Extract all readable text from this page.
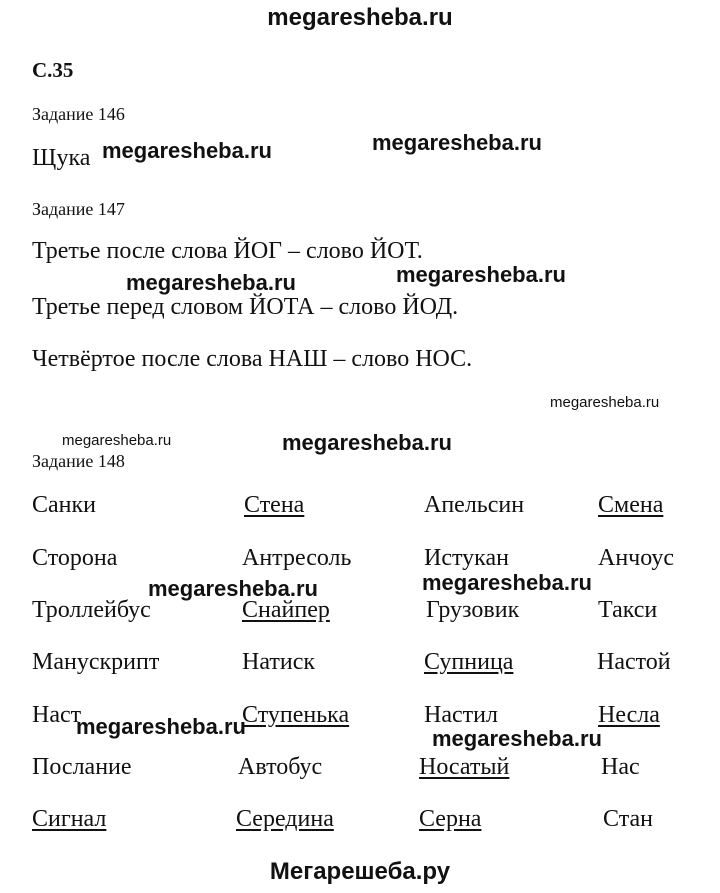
megaresheba.ru
С.35
Задание 146
Щука megaresheba.ru	megaresheba.ru
Задание 147
Третье после слова ЙОГ – слово ЙОТ.
megaresheba.ru	megaresheba.ru
Третье перед словом ЙОТА – слово ЙОД.
Четвёртое после слова НАШ – слово НОС.
megaresheba.ru
megaresheba.ru	megaresheba.ru
Задание 148
Санки	Стена	Апельсин	Смена
Сторона	Антресоль	Истукан	Анчоус
Троллейбус	Снайпер	Грузовик	Такси
Манускрипт	Натиск	Супница	Настой
Наст	Ступенька	Настил	Несла
Послание	Автобус	Носатый	Нас
Сигнал	Середина	Серна	Стан
megaresheba.ru	megaresheba.ru
megaresheba.ru	megaresheba.ru
Мегарешеба.ру
